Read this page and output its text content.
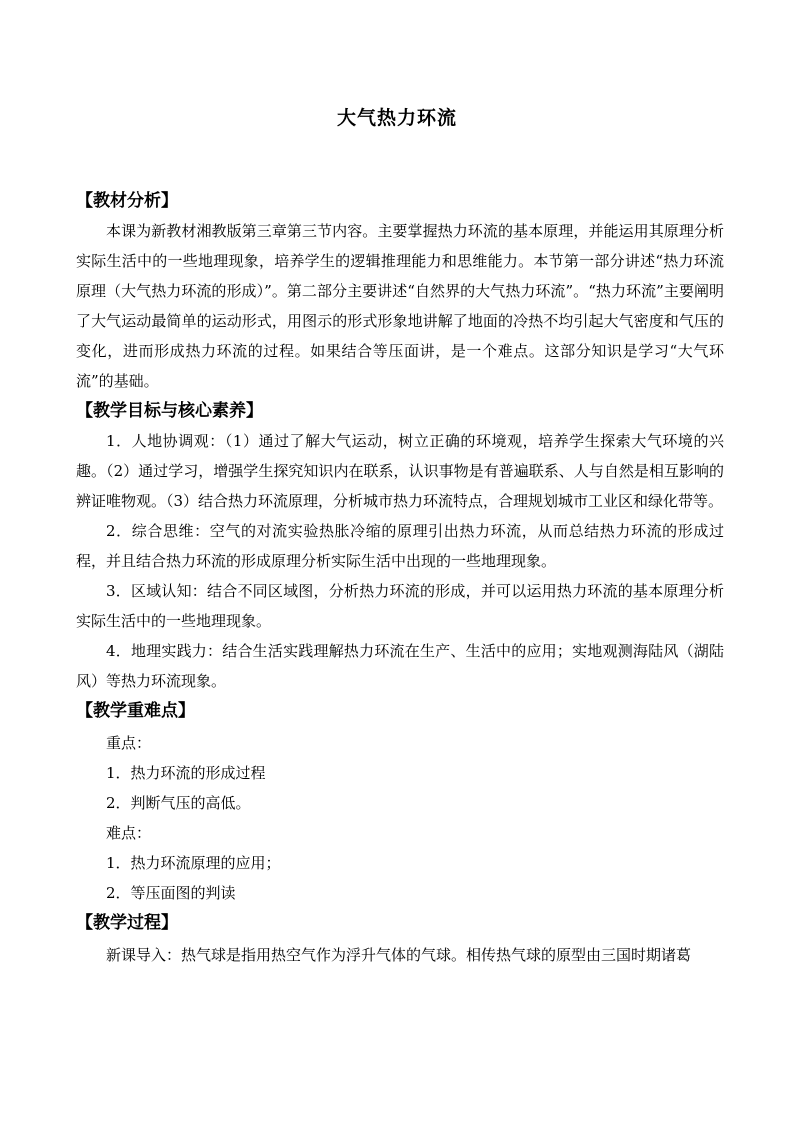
大气热力环流

【教材分析】

本课为新教材湘教版第三章第三节内容。主要掌握热力环流的基本原理，并能运用其原理分析实际生活中的一些地理现象，培养学生的逻辑推理能力和思维能力。本节第一部分讲述“热力环流原理（大气热力环流的形成）”。第二部分主要讲述“自然界的大气热力环流”。“热力环流”主要阐明了大气运动最简单的运动形式，用图示的形式形象地讲解了地面的冷热不均引起大气密度和气压的变化，进而形成热力环流的过程。如果结合等压面讲，是一个难点。这部分知识是学习“大气环流”的基础。

【教学目标与核心素养】

1．人地协调观：（1）通过了解大气运动，树立正确的环境观，培养学生探索大气环境的兴趣。（2）通过学习，增强学生探究知识内在联系，认识事物是有普遍联系、人与自然是相互影响的辨证唯物观。（3）结合热力环流原理，分析城市热力环流特点，合理规划城市工业区和绿化带等。

2．综合思维：空气的对流实验热胀冷缩的原理引出热力环流，从而总结热力环流的形成过程，并且结合热力环流的形成原理分析实际生活中出现的一些地理现象。

3．区域认知：结合不同区域图，分析热力环流的形成，并可以运用热力环流的基本原理分析实际生活中的一些地理现象。

4．地理实践力：结合生活实践理解热力环流在生产、生活中的应用；实地观测海陆风（湖陆风）等热力环流现象。

【教学重难点】

重点：

1．热力环流的形成过程

2．判断气压的高低。

难点：

1．热力环流原理的应用；

2．等压面图的判读

【教学过程】

新课导入：热气球是指用热空气作为浮升气体的气球。相传热气球的原型由三国时期诸葛
